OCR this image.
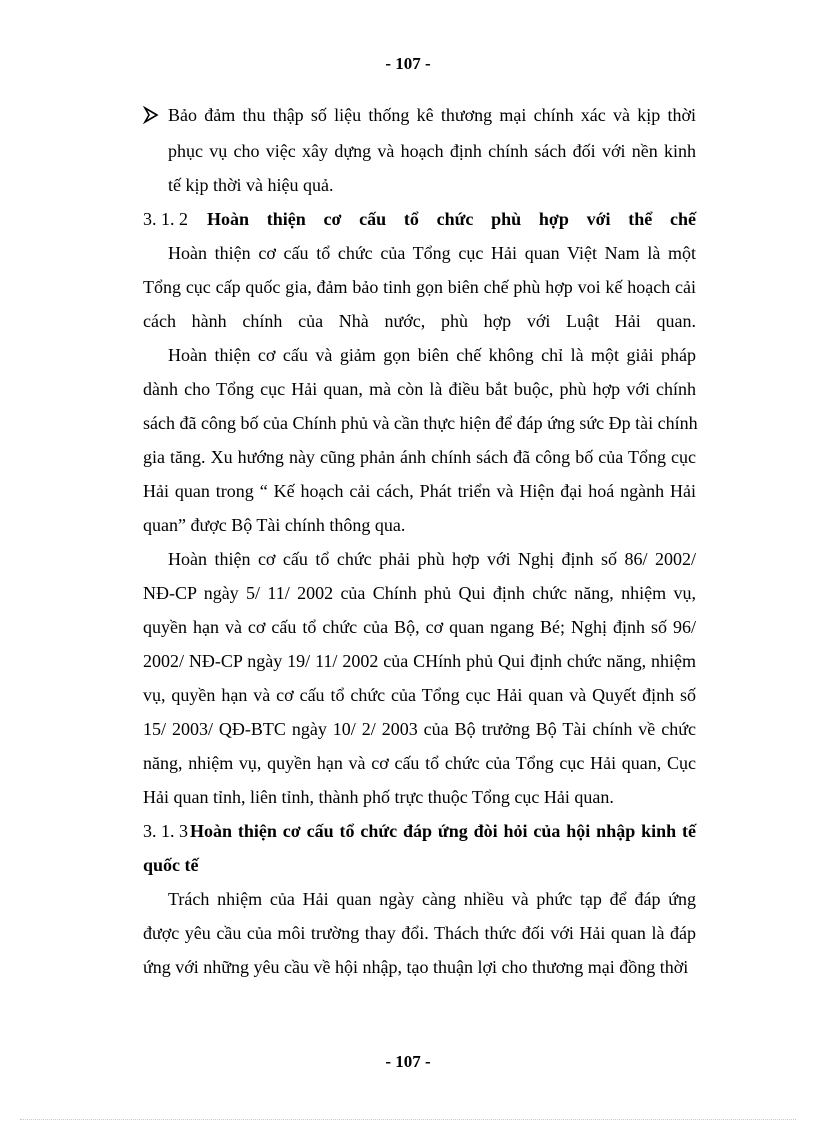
- 107 -
Bảo đảm thu thập số liệu thống kê thương mại chính xác và kịp thời
phục vụ cho việc xây dựng và hoạch định chính sách đối với nền kinh
tế kịp thời và hiệu quả.
3. 1. 2 Hoàn thiện cơ cấu tổ chức phù hợp với thể chế
Hoàn thiện cơ cấu tổ chức của Tổng cục Hải quan Việt Nam là một
Tổng cục cấp quốc gia, đảm bảo tinh gọn biên chế phù hợp voi kế hoạch cải
cách hành chính của Nhà nước, phù hợp với Luật Hải quan.
Hoàn thiện cơ cấu và giảm gọn biên chế không chỉ là một giải pháp
dành cho Tổng cục Hải quan, mà còn là điều bắt buộc, phù hợp với chính
sách đã công bố của Chính phủ và cần thực hiện để đáp ứng sức Ðp tài chính
gia tăng. Xu hướng này cũng phản ánh chính sách đã công bố của Tổng cục
Hải quan trong “ Kế hoạch cải cách, Phát triển và Hiện đại hoá ngành Hải
quan” được Bộ Tài chính thông qua.
Hoàn thiện cơ cấu tổ chức phải phù hợp với Nghị định số 86/ 2002/
NĐ-CP ngày 5/ 11/ 2002 của Chính phủ Qui định chức năng, nhiệm vụ,
quyền hạn và cơ cấu tổ chức của Bộ, cơ quan ngang Bé; Nghị định số 96/
2002/ NĐ-CP ngày 19/ 11/ 2002 của CHính phủ Qui định chức năng, nhiệm
vụ, quyền hạn và cơ cấu tổ chức của Tổng cục Hải quan và Quyết định số
15/ 2003/ QĐ-BTC ngày 10/ 2/ 2003 của Bộ trưởng Bộ Tài chính về chức
năng, nhiệm vụ, quyền hạn và cơ cấu tổ chức của Tổng cục Hải quan, Cục
Hải quan tỉnh, liên tỉnh, thành phố trực thuộc Tổng cục Hải quan.
3. 1. 3 Hoàn thiện cơ cấu tổ chức đáp ứng đòi hỏi của hội nhập kinh tế
quốc tế
Trách nhiệm của Hải quan ngày càng nhiều và phức tạp để đáp ứng
được yêu cầu của môi trường thay đổi. Thách thức đối với Hải quan là đáp
ứng với những yêu cầu về hội nhập, tạo thuận lợi cho thương mại đồng thời
- 107 -
